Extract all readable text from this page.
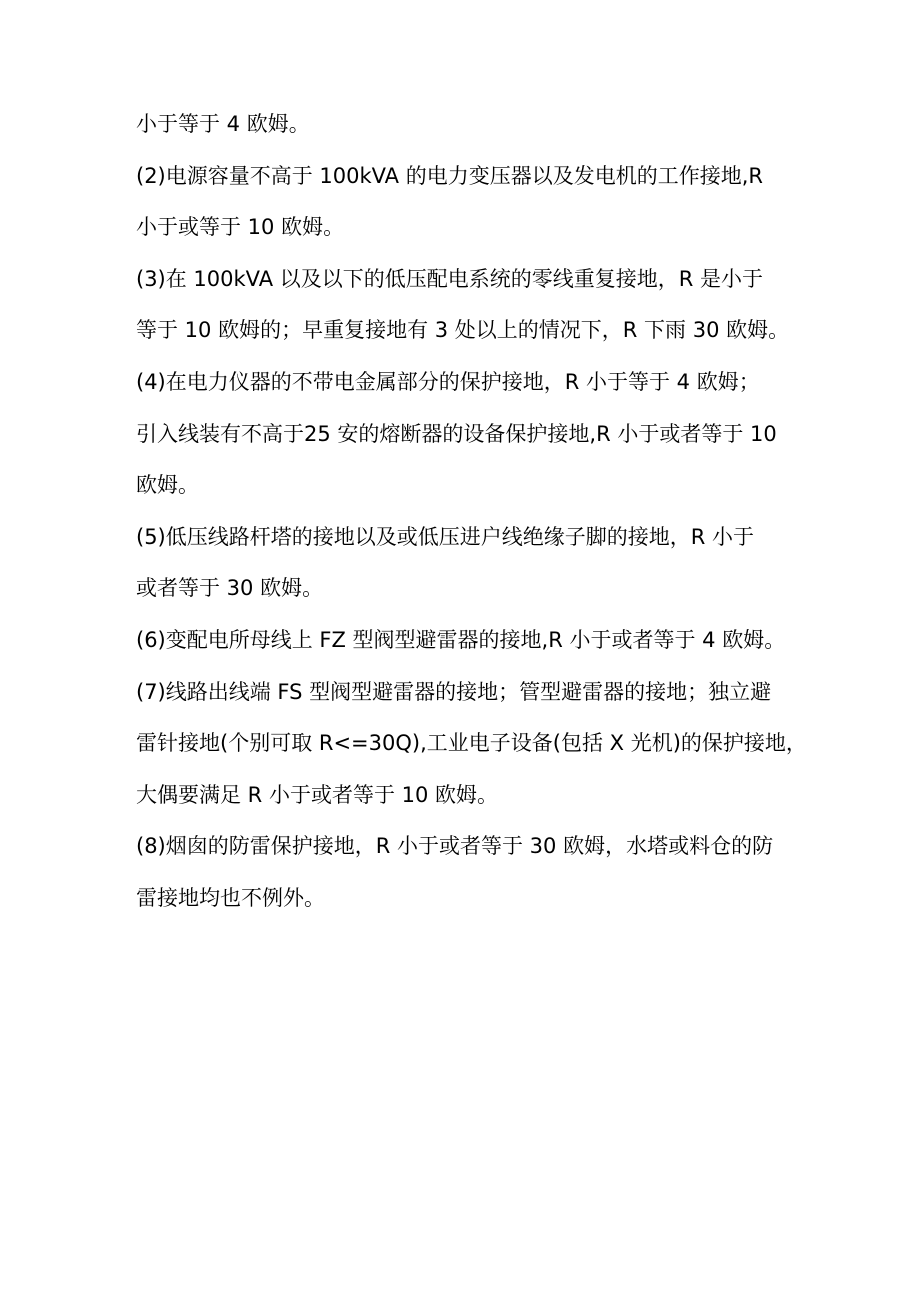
小于等于 4 欧姆。
(2)电源容量不高于 100kVA 的电力变压器以及发电机的工作接地,R
小于或等于 10 欧姆。
(3)在 100kVA 以及以下的低压配电系统的零线重复接地，R 是小于
等于 10 欧姆的；早重复接地有 3 处以上的情况下，R 下雨 30 欧姆。
(4)在电力仪器的不带电金属部分的保护接地，R 小于等于 4 欧姆；
引入线装有不高于25 安的熔断器的设备保护接地,R 小于或者等于 10
欧姆。
(5)低压线路杆塔的接地以及或低压进户线绝缘子脚的接地，R 小于
或者等于 30 欧姆。
(6)变配电所母线上 FZ 型阀型避雷器的接地,R 小于或者等于 4 欧姆。
(7)线路出线端 FS 型阀型避雷器的接地；管型避雷器的接地；独立避
雷针接地(个别可取 R<=30Q),工业电子设备(包括 X 光机)的保护接地，
大偶要满足 R 小于或者等于 10 欧姆。
(8)烟囱的防雷保护接地，R 小于或者等于 30 欧姆，水塔或料仓的防
雷接地均也不例外。
